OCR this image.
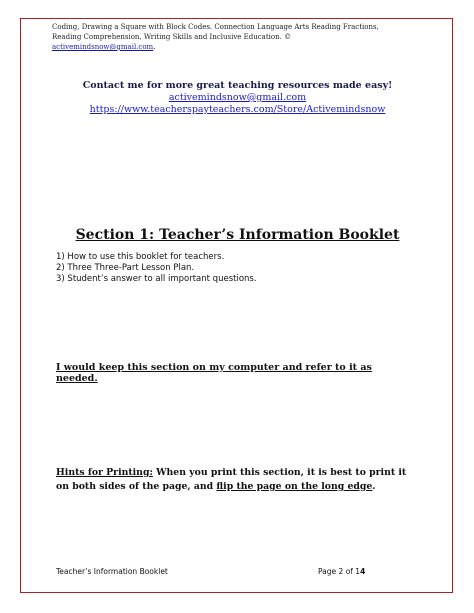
Coding, Drawing a Square with Block Codes. Connection Language Arts Reading Fractions, Reading Comprehension, Writing Skills and Inclusive Education. © activemindsnow@gmail.com.
Contact me for more great teaching resources made easy!
activemindsnow@gmail.com
https://www.teacherspayteachers.com/Store/Activemindsnow
Section 1: Teacher’s Information Booklet
1) How to use this booklet for teachers.
2) Three Three-Part Lesson Plan.
3) Student’s answer to all important questions.
I would keep this section on my computer and refer to it as needed.
Hints for Printing: When you print this section, it is best to print it on both sides of the page, and flip the page on the long edge.
Teacher’s Information Booklet	Page 2 of 14
